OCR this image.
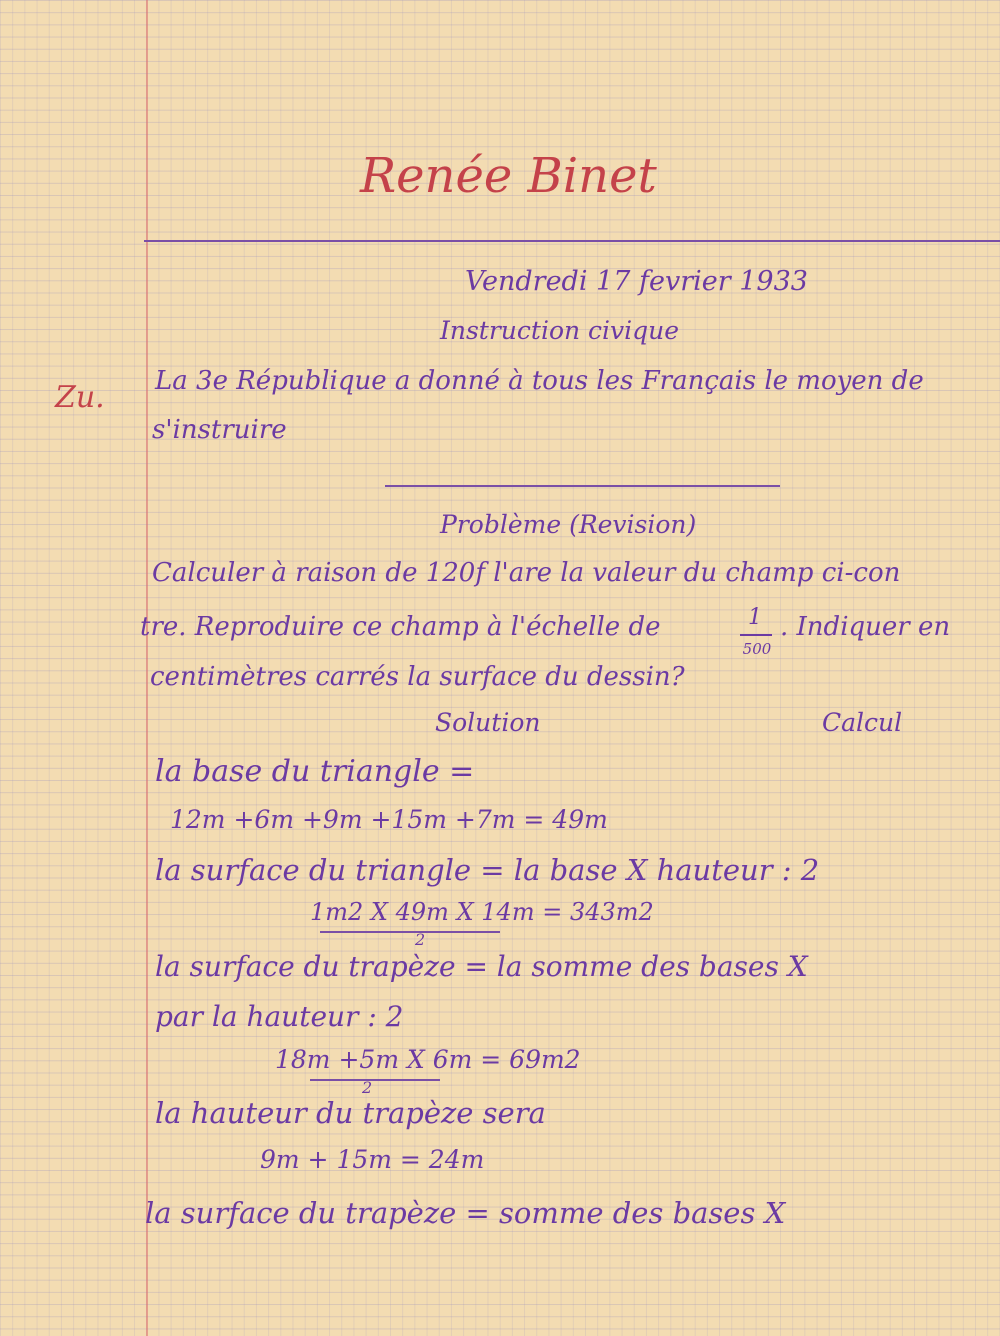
Renée Binet
Vendredi 17 fevrier 1933
Instruction civique
Zu. La 3e République a donné à tous les Français le moyen de
s'instruire
Problème (Revision)
Calculer à raison de 120f l'are la valeur du champ ci-con
tre. Reproduire ce champ à l'échelle de	1
500
. Indiquer en
centimètres carrés la surface du dessin?
Solution	Calcul
la base du triangle =
12m +6m +9m +15m +7m = 49m
la surface du triangle = la base X hauteur : 2
1m2 X 49m X 14m = 343m2
2
la surface du trapèze = la somme des bases X
par la hauteur : 2
18m +5m X 6m = 69m2
2
la hauteur du trapèze sera
9m + 15m = 24m
la surface du trapèze = somme des bases X
